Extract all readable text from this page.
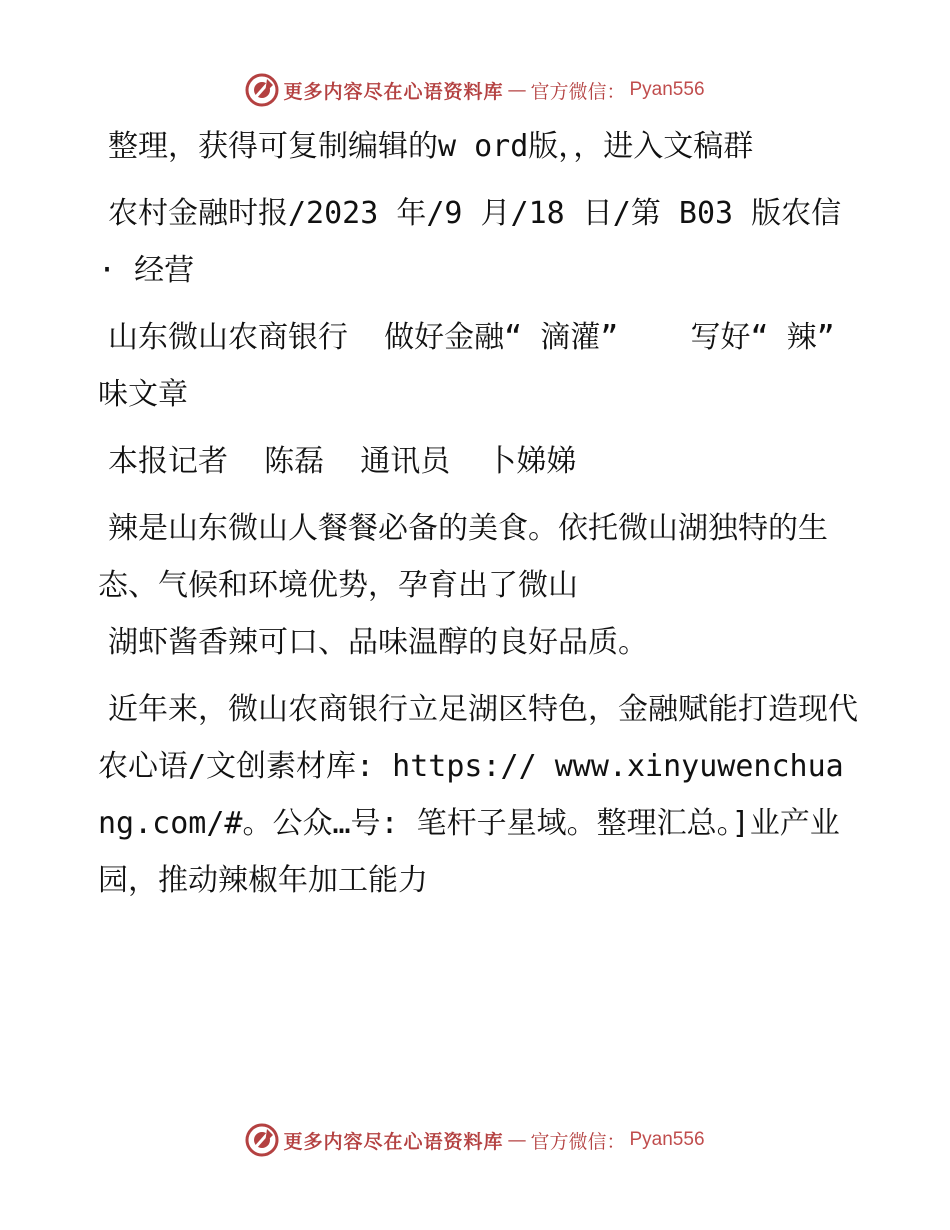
更多内容尽在心语资料库 — 官方微信： Pyan556

整理，获得可复制编辑的w ord版，，进入文稿群

农村金融时报/2023 年/9 月/18 日/第 B03 版农信· 经营

山东微山农商银行  做好金融“ 滴灌”    写好“ 辣” 味文章

本报记者  陈磊  通讯员  卜娣娣

辣是山东微山人餐餐必备的美食。依托微山湖独特的生态、气候和环境优势，孕育出了微山

湖虾酱香辣可口、品味温醇的良好品质。

近年来，微山农商银行立足湖区特色，金融赋能打造现代农心语/文创素材库: https:// www.xinyuwenchuang.com/#。公众…号: 笔杆子星域。整理汇总。]业产业园，推动辣椒年加工能力

更多内容尽在心语资料库 — 官方微信： Pyan556
